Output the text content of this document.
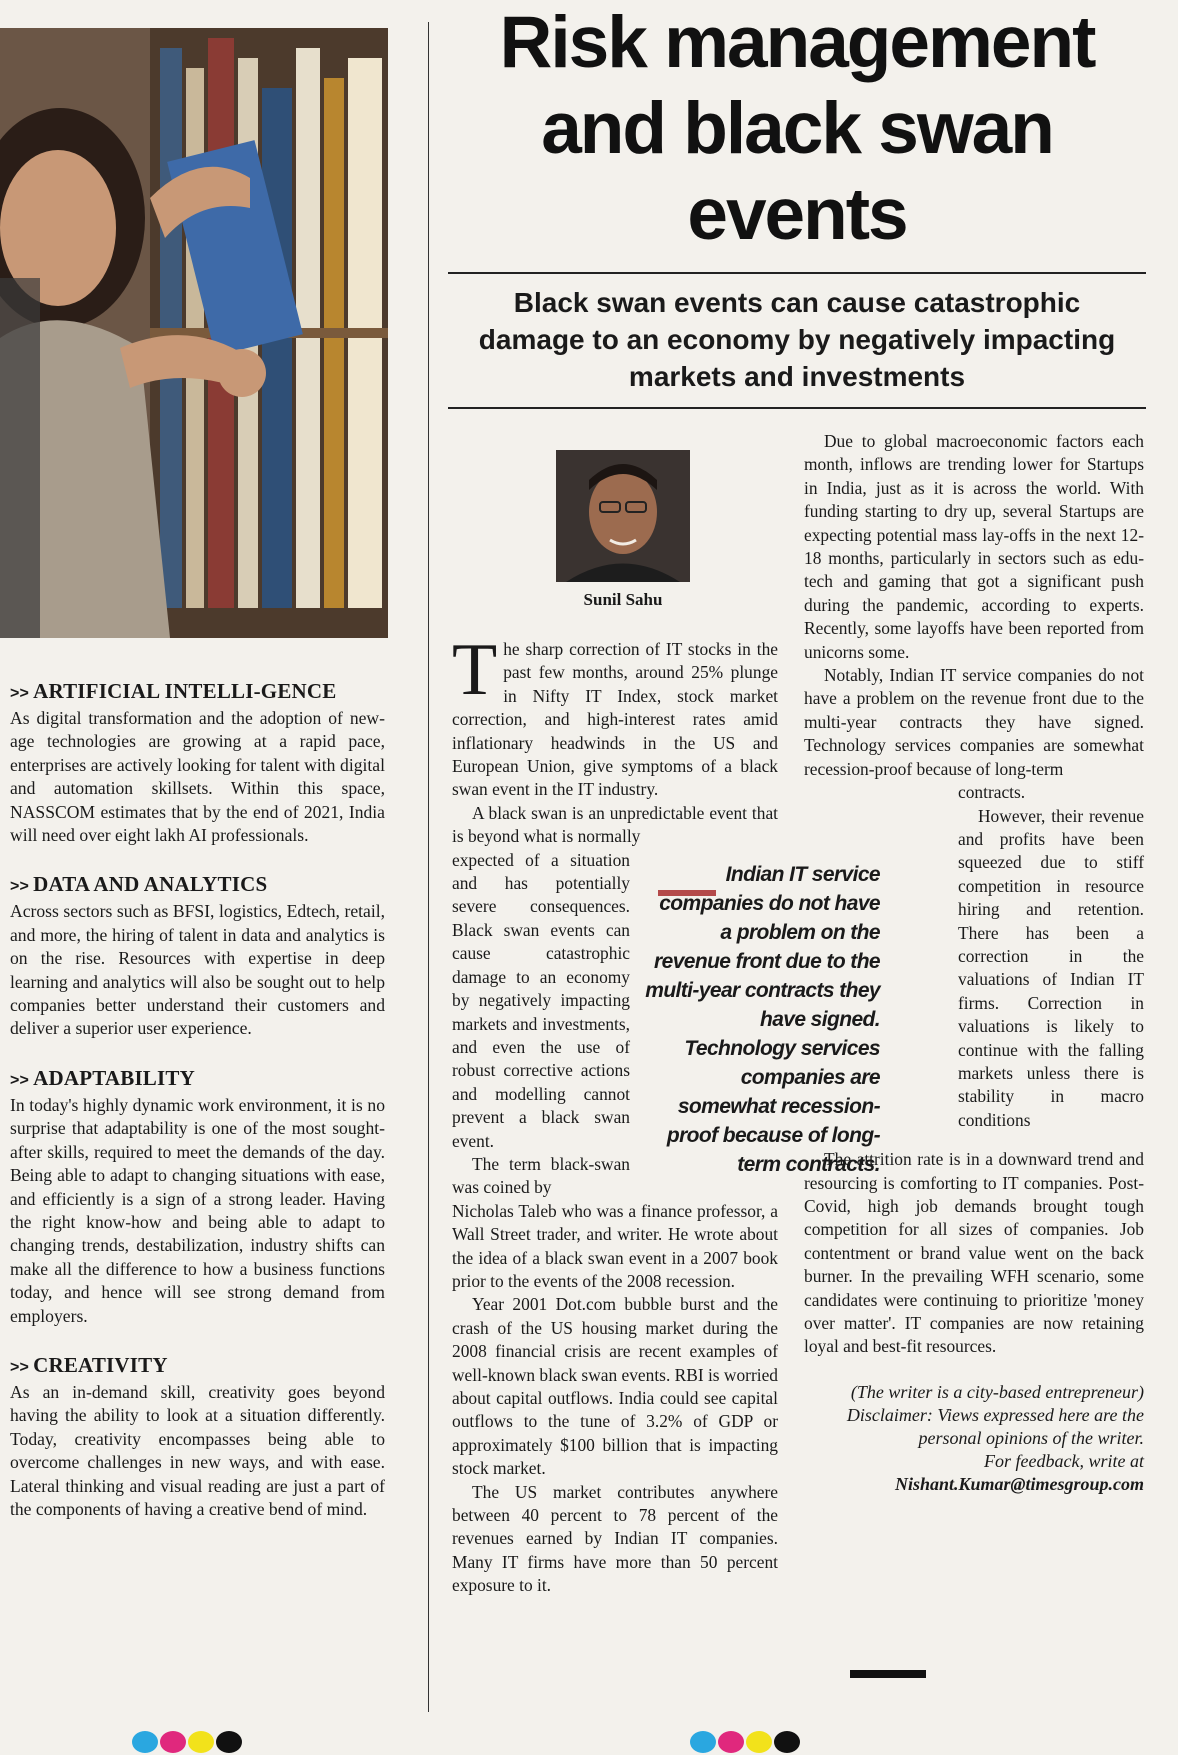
>> ARTIFICIAL INTELLI-GENCE
As digital transformation and the adoption of new-age technologies are growing at a rapid pace, enterprises are actively looking for talent with digital and automation skillsets. Within this space, NASSCOM estimates that by the end of 2021, India will need over eight lakh AI professionals.
>> DATA AND ANALYTICS
Across sectors such as BFSI, logistics, Edtech, retail, and more, the hiring of talent in data and analytics is on the rise. Resources with expertise in deep learning and analytics will also be sought out to help companies better understand their customers and deliver a superior user experience.
>> ADAPTABILITY
In today's highly dynamic work environment, it is no surprise that adaptability is one of the most sought-after skills, required to meet the demands of the day. Being able to adapt to changing situations with ease, and efficiently is a sign of a strong leader. Having the right know-how and being able to adapt to changing trends, destabilization, industry shifts can make all the difference to how a business functions today, and hence will see strong demand from employers.
>> CREATIVITY
As an in-demand skill, creativity goes beyond having the ability to look at a situation differently. Today, creativity encompasses being able to overcome challenges in new ways, and with ease. Lateral thinking and visual reading are just a part of the components of having a creative bend of mind.
Risk management and black swan events
Black swan events can cause catastrophic damage to an economy by negatively impacting markets and investments
Sunil Sahu

The sharp correction of IT stocks in the past few months, around 25% plunge in Nifty IT Index, stock market correction, and high-interest rates amid inflationary headwinds in the US and European Union, give symptoms of a black swan event in the IT industry.

A black swan is an unpredictable event that is beyond what is normally

expected of a situation and has potentially severe consequences. Black swan events can cause catastrophic damage to an economy by negatively impacting markets and investments, and even the use of robust corrective actions and modelling cannot prevent a black swan event.

The term black-swan was coined by

Nicholas Taleb who was a finance professor, a Wall Street trader, and writer. He wrote about the idea of a black swan event in a 2007 book prior to the events of the 2008 recession.

Year 2001 Dot.com bubble burst and the crash of the US housing market during the 2008 financial crisis are recent examples of well-known black swan events. RBI is worried about capital outflows. India could see capital outflows to the tune of 3.2% of GDP or approximately $100 billion that is impacting stock market.

The US market contributes anywhere between 40 percent to 78 percent of the revenues earned by Indian IT companies. Many IT firms have more than 50 percent exposure to it.

Indian IT service companies do not have a problem on the revenue front due to the multi-year contracts they have signed. Technology services companies are somewhat recession-proof because of long-term contracts.

Due to global macroeconomic factors each month, inflows are trending lower for Startups in India, just as it is across the world. With funding starting to dry up, several Startups are expecting potential mass lay-offs in the next 12-18 months, particularly in sectors such as edu-tech and gaming that got a significant push during the pandemic, according to experts. Recently, some layoffs have been reported from unicorns some.

Notably, Indian IT service companies do not have a problem on the revenue front due to the multi-year contracts they have signed. Technology services companies are somewhat recession-proof because of long-term

contracts.

However, their revenue and profits have been squeezed due to stiff competition in resource hiring and retention. There has been a correction in the valuations of Indian IT firms. Correction in valuations is likely to continue with the falling markets unless there is stability in macro conditions

The attrition rate is in a downward trend and resourcing is comforting to IT companies. Post-Covid, high job demands brought tough competition for all sizes of companies. Job contentment or brand value went on the back burner. In the prevailing WFH scenario, some candidates were continuing to prioritize 'money over matter'. IT companies are now retaining loyal and best-fit resources.

(The writer is a city-based entrepreneur)

Disclaimer: Views expressed here are the personal opinions of the writer.

For feedback, write at

Nishant.Kumar@timesgroup.com
